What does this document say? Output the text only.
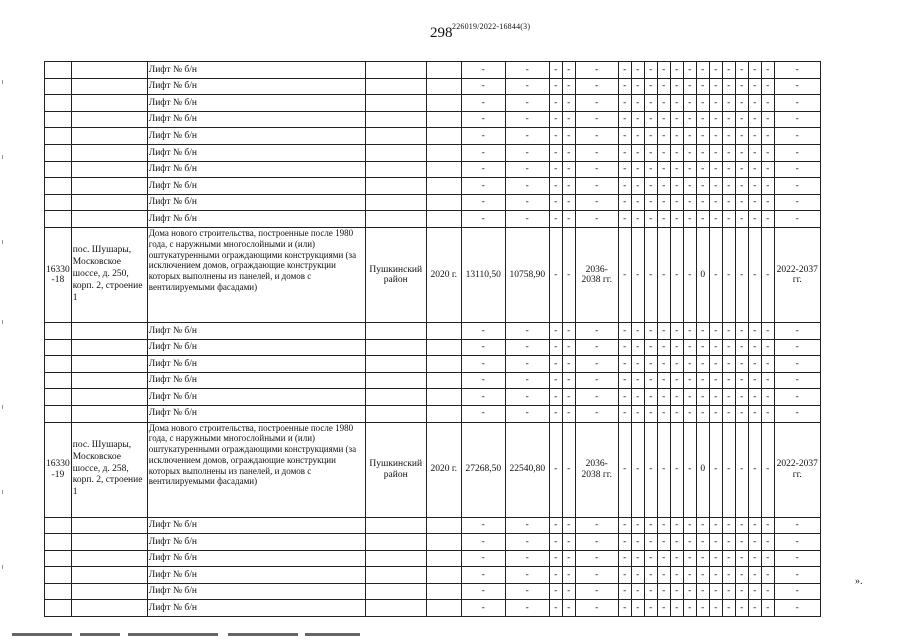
298 226019/2022-16844(3)
		Лифт № б/н			-	-	-	-	-	-	-	-	-	-	-	-	-	-	-	-	-	-
		Лифт № б/н			-	-	-	-	-	-	-	-	-	-	-	-	-	-	-	-	-	-
		Лифт № б/н			-	-	-	-	-	-	-	-	-	-	-	-	-	-	-	-	-	-
		Лифт № б/н			-	-	-	-	-	-	-	-	-	-	-	-	-	-	-	-	-	-
		Лифт № б/н			-	-	-	-	-	-	-	-	-	-	-	-	-	-	-	-	-	-
		Лифт № б/н			-	-	-	-	-	-	-	-	-	-	-	-	-	-	-	-	-	-
		Лифт № б/н			-	-	-	-	-	-	-	-	-	-	-	-	-	-	-	-	-	-
		Лифт № б/н			-	-	-	-	-	-	-	-	-	-	-	-	-	-	-	-	-	-
		Лифт № б/н			-	-	-	-	-	-	-	-	-	-	-	-	-	-	-	-	-	-
		Лифт № б/н			-	-	-	-	-	-	-	-	-	-	-	-	-	-	-	-	-	-
16330 -18	пос. Шушары, Московское шоссе, д. 250, корп. 2, строение 1	Дома нового строительства, построенные после 1980 года, с наружными многослойными и (или) оштукатуренными ограждающими конструкциями (за исключением домов, ограждающие конструкции которых выполнены из панелей, и домов с вентилируемыми фасадами)	Пушкинский район	2020 г.	13110,50	10758,90	-	-	2036-2038 гг.	-	-	-	-	-	-	0	-	-	-	-	-	2022-2037 гг.
		Лифт № б/н			-	-	-	-	-	-	-	-	-	-	-	-	-	-	-	-	-	-
		Лифт № б/н			-	-	-	-	-	-	-	-	-	-	-	-	-	-	-	-	-	-
		Лифт № б/н			-	-	-	-	-	-	-	-	-	-	-	-	-	-	-	-	-	-
		Лифт № б/н			-	-	-	-	-	-	-	-	-	-	-	-	-	-	-	-	-	-
		Лифт № б/н			-	-	-	-	-	-	-	-	-	-	-	-	-	-	-	-	-	-
		Лифт № б/н			-	-	-	-	-	-	-	-	-	-	-	-	-	-	-	-	-	-
16330 -19	пос. Шушары, Московское шоссе, д. 258, корп. 2, строение 1	Дома нового строительства, построенные после 1980 года, с наружными многослойными и (или) оштукатуренными ограждающими конструкциями (за исключением домов, ограждающие конструкции которых выполнены из панелей, и домов с вентилируемыми фасадами)	Пушкинский район	2020 г.	27268,50	22540,80	-	-	2036-2038 гг.	-	-	-	-	-	-	0	-	-	-	-	-	2022-2037 гг.
		Лифт № б/н			-	-	-	-	-	-	-	-	-	-	-	-	-	-	-	-	-	-
		Лифт № б/н			-	-	-	-	-	-	-	-	-	-	-	-	-	-	-	-	-	-
		Лифт № б/н			-	-	-	-	-	-	-	-	-	-	-	-	-	-	-	-	-	-
		Лифт № б/н			-	-	-	-	-	-	-	-	-	-	-	-	-	-	-	-	-	-
		Лифт № б/н			-	-	-	-	-	-	-	-	-	-	-	-	-	-	-	-	-	-
		Лифт № б/н			-	-	-	-	-	-	-	-	-	-	-	-	-	-	-	-	-	-
».
